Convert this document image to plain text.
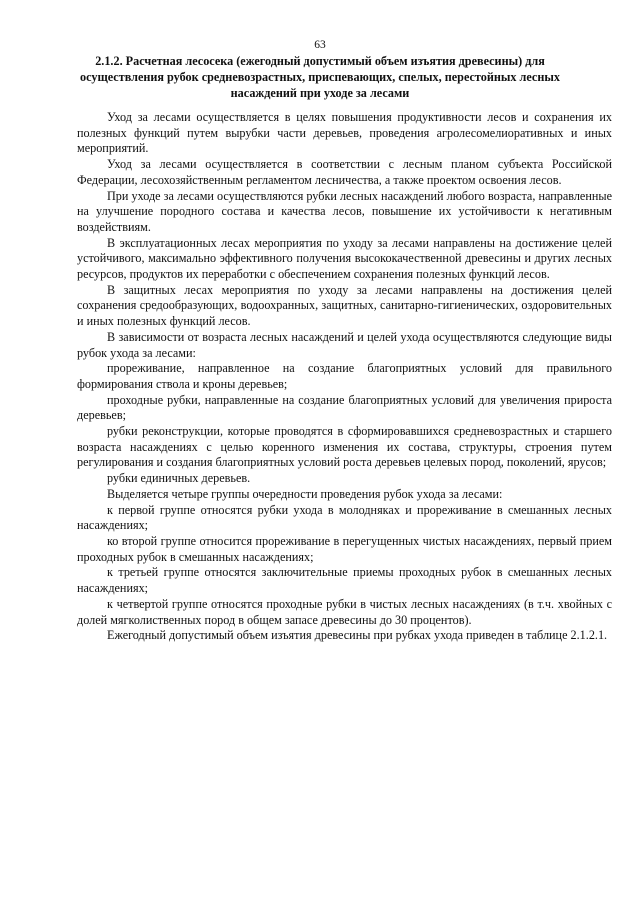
63
2.1.2. Расчетная лесосека (ежегодный допустимый объем изъятия древесины) для осуществления рубок средневозрастных, приспевающих, спелых, перестойных лесных насаждений при уходе за лесами

Уход за лесами осуществляется в целях повышения продуктивности лесов и сохранения их полезных функций путем вырубки части деревьев, проведения агролесомелиоративных и иных мероприятий.

Уход за лесами осуществляется в соответствии с лесным планом субъекта Российской Федерации, лесохозяйственным регламентом лесничества, а также проектом освоения лесов.

При уходе за лесами осуществляются рубки лесных насаждений любого возраста, направленные на улучшение породного состава и качества лесов, повышение их устойчивости к негативным воздействиям.

В эксплуатационных лесах мероприятия по уходу за лесами направлены на достижение целей устойчивого, максимально эффективного получения высококачественной древесины и других лесных ресурсов, продуктов их переработки с обеспечением сохранения полезных функций лесов.

В защитных лесах мероприятия по уходу за лесами направлены на достижения целей сохранения средообразующих, водоохранных, защитных, санитарно-гигиенических, оздоровительных и иных полезных функций лесов.

В зависимости от возраста лесных насаждений и целей ухода осуществляются следующие виды рубок ухода за лесами:

прореживание, направленное на создание благоприятных условий для правильного формирования ствола и кроны деревьев;

проходные рубки, направленные на создание благоприятных условий для увеличения прироста деревьев;

рубки реконструкции, которые проводятся в сформировавшихся средневозрастных и старшего возраста насаждениях с целью коренного изменения их состава, структуры, строения путем регулирования и создания благоприятных условий роста деревьев целевых пород, поколений, ярусов;

рубки единичных деревьев.

Выделяется четыре группы очередности проведения рубок ухода за лесами:

к первой группе относятся рубки ухода в молодняках и прореживание в смешанных лесных насаждениях;

ко второй группе относится прореживание в перегущенных чистых насаждениях, первый прием проходных рубок в смешанных насаждениях;

к третьей группе относятся заключительные приемы проходных рубок в смешанных лесных насаждениях;

к четвертой группе относятся проходные рубки в чистых лесных насаждениях (в т.ч. хвойных с долей мягколиственных пород в общем запасе древесины до 30 процентов).

Ежегодный допустимый объем изъятия древесины при рубках ухода приведен в таблице 2.1.2.1.
